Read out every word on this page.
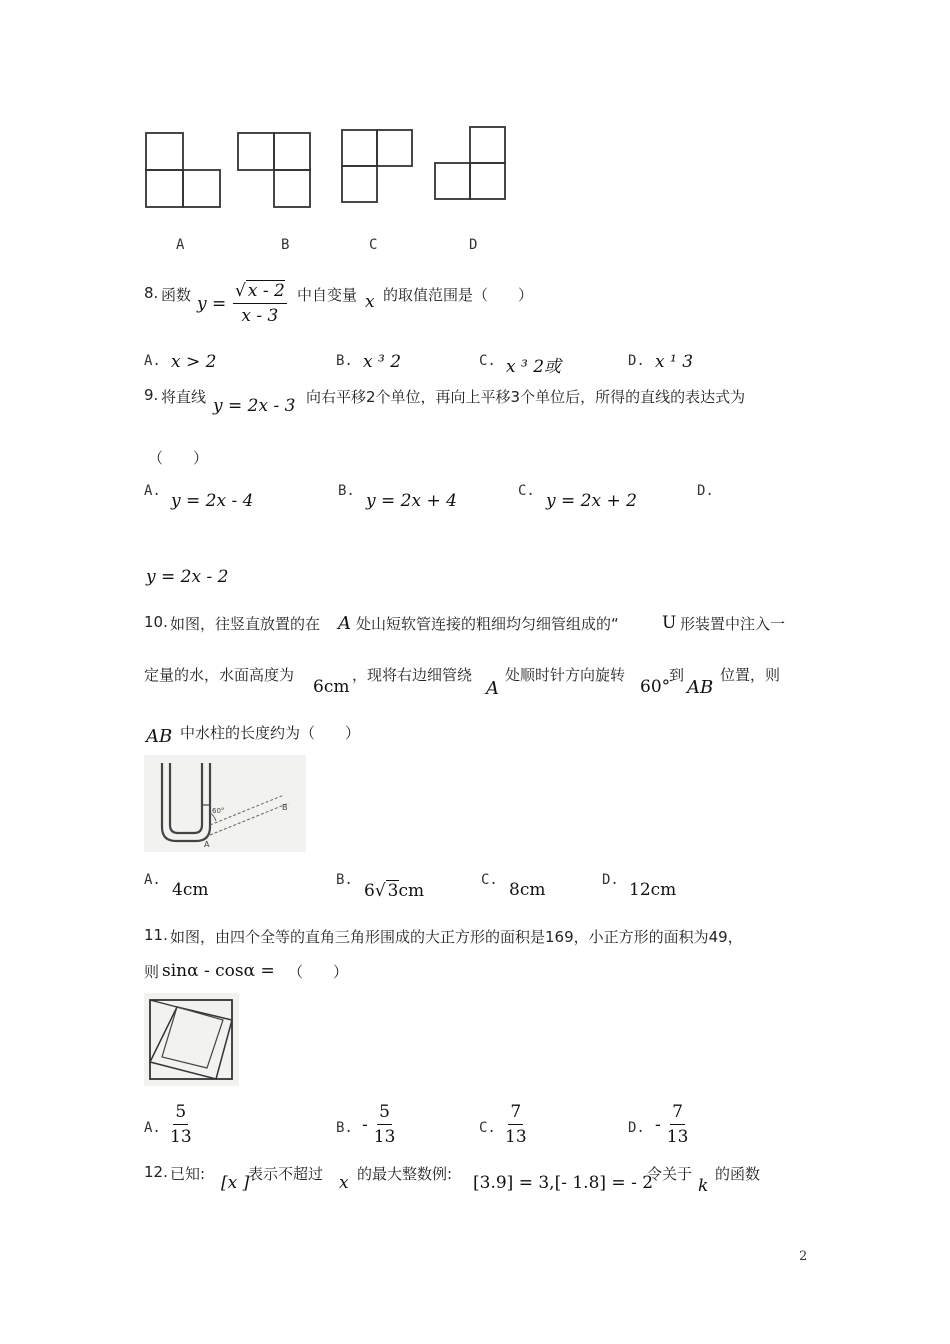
A	B	C	D
8. 函数 $y = \frac{√ x - 2}{x - 3}$ 中自变量 x 的取值范围是（　　）
A. x > 2	B. x ³ 2	C. x ³ 2或	D. x ¹ 3
9. 将直线 y = 2x - 3 向右平移2个单位，再向上平移3个单位后，所得的直线的表达式为
（　　）
A. y = 2x - 4	B. y = 2x + 4	C. y = 2x + 2	D.
y = 2x - 2
10. 如图，往竖直放置的在 A 处山短软管连接的粗细均匀细管组成的“	U 形装置中注入一
定量的水，水面高度为
6cm
，现将右边细管绕
A
处顺时针方向旋转
60°
到
AB
位置，则
AB 中水柱的长度约为（　　）
60°
A
B
A. 4cm	B.
6√ 3cm
C. 8cm	D. 12cm
11. 如图，由四个全等的直角三角形围成的大正方形的面积是169，小正方形的面积为49，
则 sinα - cosα = （　　）
A. $\frac{5}{13}$	B. - $\frac{5}{13}$	C. $\frac{7}{13}$	D. - $\frac{7}{13}$
12. 已知: [x ]
表示不超过 x 的最大整数例: [3.9] = 3,[- 1.8] = - 2
令关于
k
的函数
2
